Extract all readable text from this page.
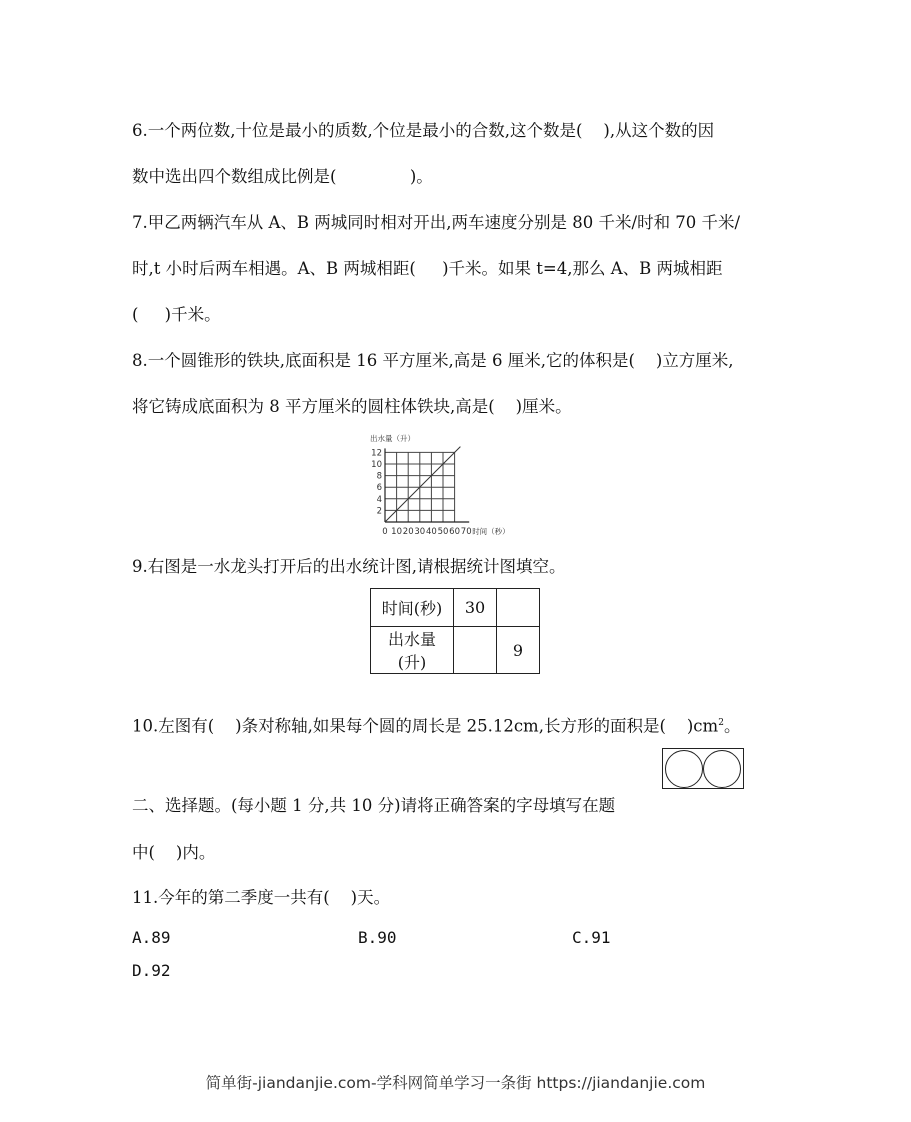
6.一个两位数,十位是最小的质数,个位是最小的合数,这个数是(    ),从这个数的因
数中选出四个数组成比例是(              )。
7.甲乙两辆汽车从 A、B 两城同时相对开出,两车速度分别是 80 千米/时和 70 千米/
时,t 小时后两车相遇。A、B 两城相距(     )千米。如果 t=4,那么 A、B 两城相距
(     )千米。
8.一个圆锥形的铁块,底面积是 16 平方厘米,高是 6 厘米,它的体积是(    )立方厘米,
将它铸成底面积为 8 平方厘米的圆柱体铁块,高是(    )厘米。
0 10 20 30 40 50 60 70
2
4
6
8
10
12
时间（秒）
出水量（升）
9.右图是一水龙头打开后的出水统计图,请根据统计图填空。
时间(秒)	30	
出水量(升)		9
10.左图有(    )条对称轴,如果每个圆的周长是 25.12cm,长方形的面积是(    )$cm^2$。
二、选择题。(每小题 1 分,共 10 分)请将正确答案的字母填写在题
中(    )内。
11.今年的第二季度一共有(    )天。
A.89	B.90	C.91
D.92
简单街-jiandanjie.com-学科网简单学习一条街 https://jiandanjie.com
